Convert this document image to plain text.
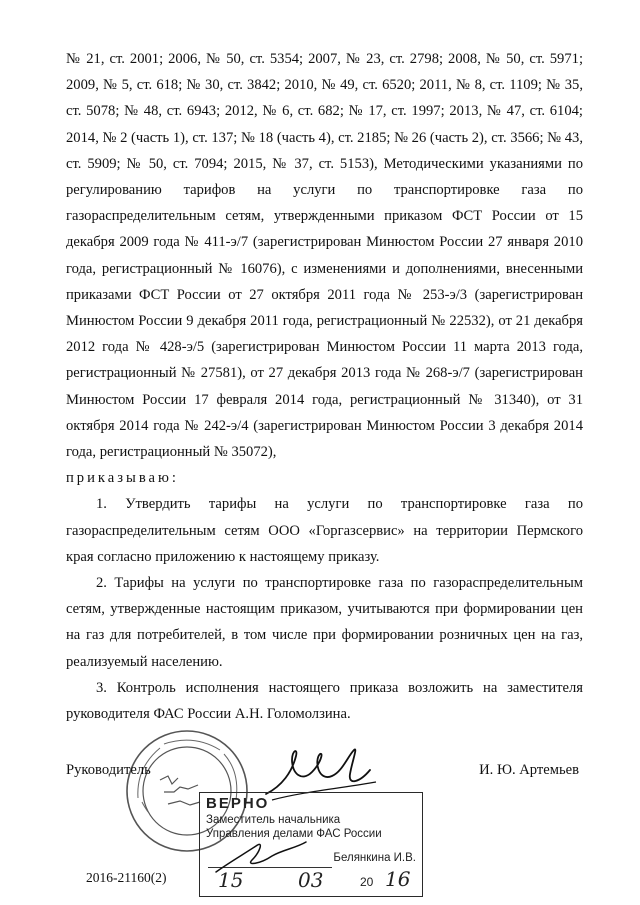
№ 21, ст. 2001; 2006, № 50, ст. 5354; 2007, № 23, ст. 2798; 2008, № 50, ст. 5971; 2009, № 5, ст. 618; № 30, ст. 3842; 2010, № 49, ст. 6520; 2011, № 8, ст. 1109; № 35, ст. 5078; № 48, ст. 6943; 2012, № 6, ст. 682; № 17, ст. 1997; 2013, № 47, ст. 6104; 2014, № 2 (часть 1), ст. 137; № 18 (часть 4), ст. 2185; № 26 (часть 2), ст. 3566; № 43, ст. 5909; № 50, ст. 7094; 2015, № 37, ст. 5153), Методическими указаниями по регулированию тарифов на услуги по транспортировке газа по газораспределительным сетям, утвержденными приказом ФСТ России от 15 декабря 2009 года № 411-э/7 (зарегистрирован Минюстом России 27 января 2010 года, регистрационный № 16076), с изменениями и дополнениями, внесенными приказами ФСТ России от 27 октября 2011 года № 253-э/3 (зарегистрирован Минюстом России 9 декабря 2011 года, регистрационный № 22532), от 21 декабря 2012 года № 428-э/5 (зарегистрирован Минюстом России 11 марта 2013 года, регистрационный № 27581), от 27 декабря 2013 года № 268-э/7 (зарегистрирован Минюстом России 17 февраля 2014 года, регистрационный № 31340), от 31 октября 2014 года № 242-э/4 (зарегистрирован Минюстом России 3 декабря 2014 года, регистрационный № 35072),

приказываю:

1. Утвердить тарифы на услуги по транспортировке газа по газораспределительным сетям ООО «Горгазсервис» на территории Пермского края согласно приложению к настоящему приказу.

2. Тарифы на услуги по транспортировке газа по газораспределительным сетям, утвержденные настоящим приказом, учитываются при формировании цен на газ для потребителей, в том числе при формировании розничных цен на газ, реализуемый населению.

3. Контроль исполнения настоящего приказа возложить на заместителя руководителя ФАС России А.Н. Голомолзина.

Руководитель	И. Ю. Артемьев
ВЕРНО
Заместитель начальника
Управления делами ФАС России
Белянкина И.В.
15	03	20 16
2016-21160(2)
